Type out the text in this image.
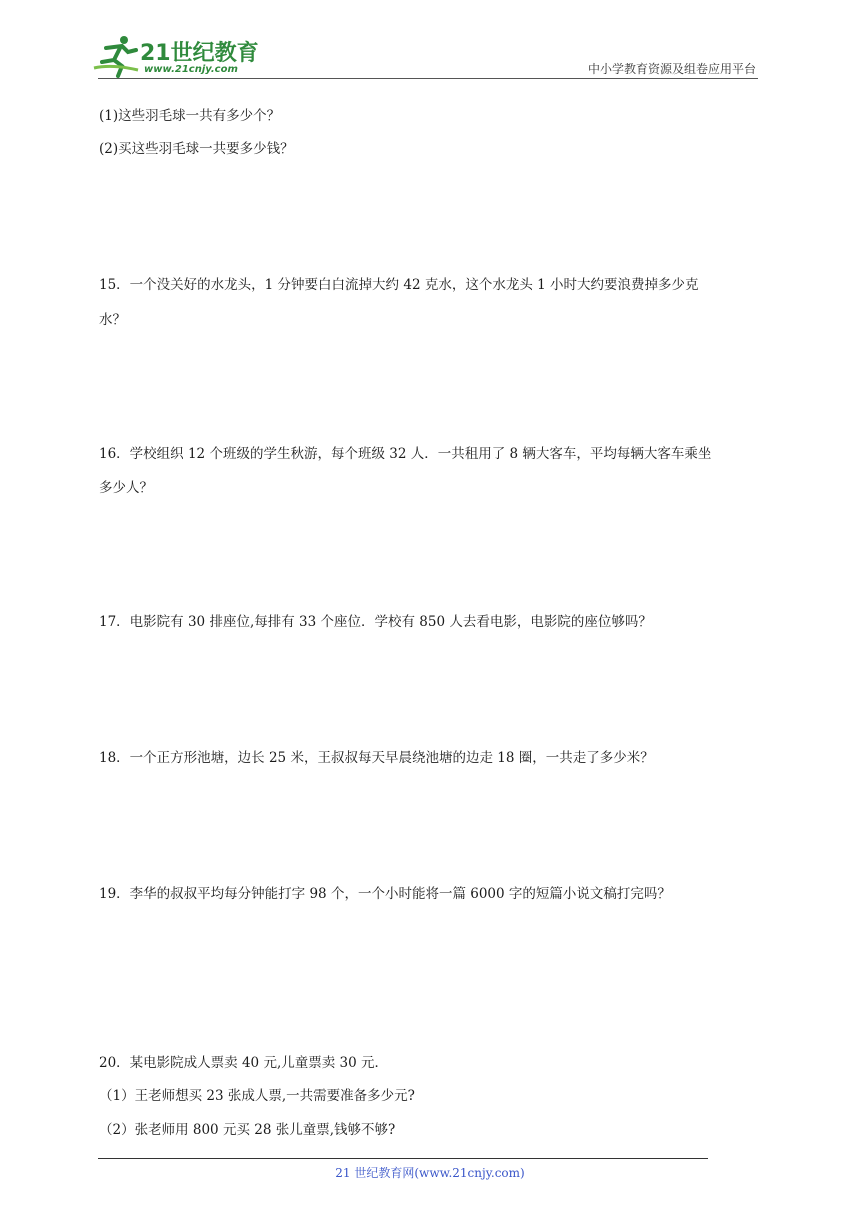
21世纪教育
www.21cnjy.com	中小学教育资源及组卷应用平台
(1)这些羽毛球一共有多少个？
(2)买这些羽毛球一共要多少钱？
15．一个没关好的水龙头，1 分钟要白白流掉大约 42 克水，这个水龙头 1 小时大约要浪费掉多少克
水？
16．学校组织 12 个班级的学生秋游，每个班级 32 人．一共租用了 8 辆大客车，平均每辆大客车乘坐
多少人？
17．电影院有 30 排座位,每排有 33 个座位．学校有 850 人去看电影，电影院的座位够吗？
18．一个正方形池塘，边长 25 米，王叔叔每天早晨绕池塘的边走 18 圈，一共走了多少米？
19．李华的叔叔平均每分钟能打字 98 个，一个小时能将一篇 6000 字的短篇小说文稿打完吗？
20．某电影院成人票卖 40 元,儿童票卖 30 元．
（1）王老师想买 23 张成人票,一共需要准备多少元?
（2）张老师用 800 元买 28 张儿童票,钱够不够?
21 世纪教育网(www.21cnjy.com)
